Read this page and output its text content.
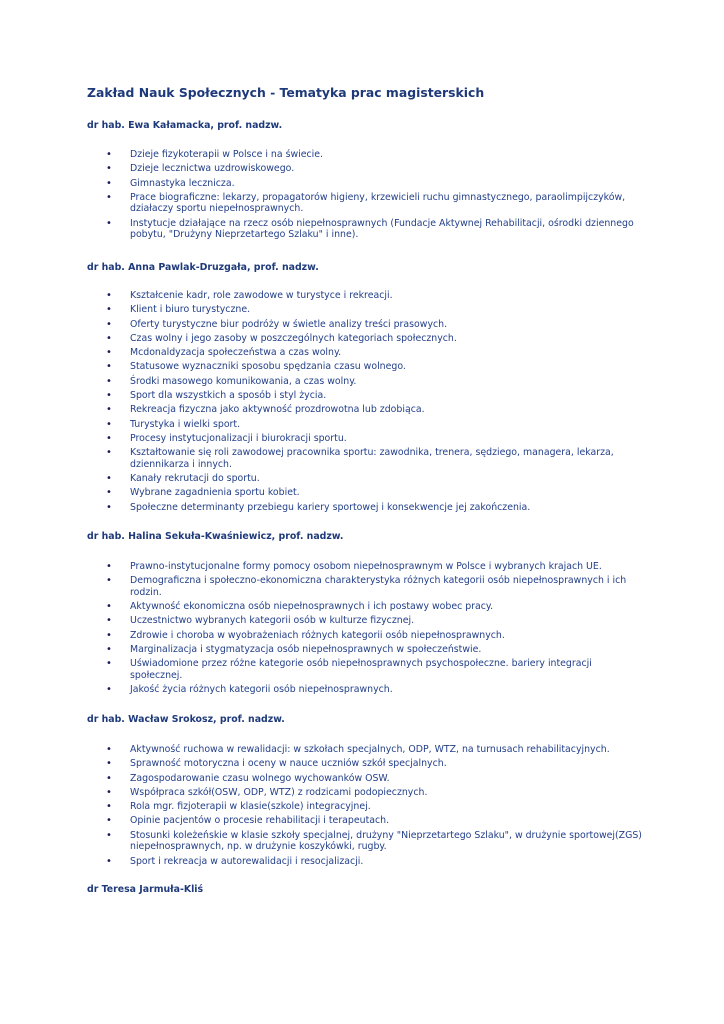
Zakład Nauk Społecznych - Tematyka prac magisterskich
dr hab. Ewa Kałamacka, prof. nadzw.
• Dzieje fizykoterapii w Polsce i na świecie.
• Dzieje lecznictwa uzdrowiskowego.
• Gimnastyka lecznicza.
• Prace biograficzne: lekarzy, propagatorów higieny, krzewicieli ruchu gimnastycznego, paraolimpijczyków, działaczy sportu niepełnosprawnych.
• Instytucje działające na rzecz osób niepełnosprawnych (Fundacje Aktywnej Rehabilitacji, ośrodki dziennego pobytu, "Drużyny Nieprzetartego Szlaku" i inne).
dr hab. Anna Pawlak-Druzgała, prof. nadzw.
• Kształcenie kadr, role zawodowe w turystyce i rekreacji.
• Klient i biuro turystyczne.
• Oferty turystyczne biur podróży w świetle analizy treści prasowych.
• Czas wolny i jego zasoby w poszczególnych kategoriach społecznych.
• Mcdonaldyzacja społeczeństwa a czas wolny.
• Statusowe wyznaczniki sposobu spędzania czasu wolnego.
• Środki masowego komunikowania, a czas wolny.
• Sport dla wszystkich a sposób i styl życia.
• Rekreacja fizyczna jako aktywność prozdrowotna lub zdobiąca.
• Turystyka i wielki sport.
• Procesy instytucjonalizacji i biurokracji sportu.
• Kształtowanie się roli zawodowej pracownika sportu: zawodnika, trenera, sędziego, managera, lekarza, dziennikarza i innych.
• Kanały rekrutacji do sportu.
• Wybrane zagadnienia sportu kobiet.
• Społeczne determinanty przebiegu kariery sportowej i konsekwencje jej zakończenia.
dr hab. Halina Sekuła-Kwaśniewicz, prof. nadzw.
• Prawno-instytucjonalne formy pomocy osobom niepełnosprawnym w Polsce i wybranych krajach UE.
• Demograficzna i społeczno-ekonomiczna charakterystyka różnych kategorii osób niepełnosprawnych i ich rodzin.
• Aktywność ekonomiczna osób niepełnosprawnych i ich postawy wobec pracy.
• Uczestnictwo wybranych kategorii osób w kulturze fizycznej.
• Zdrowie i choroba w wyobrażeniach różnych kategorii osób niepełnosprawnych.
• Marginalizacja i stygmatyzacja osób niepełnosprawnych w społeczeństwie.
• Uświadomione przez różne kategorie osób niepełnosprawnych psychospołeczne. bariery integracji społecznej.
• Jakość życia różnych kategorii osób niepełnosprawnych.
dr hab. Wacław Srokosz, prof. nadzw.
• Aktywność ruchowa w rewalidacji: w szkołach specjalnych, ODP, WTZ, na turnusach rehabilitacyjnych.
• Sprawność motoryczna i oceny w nauce uczniów szkół specjalnych.
• Zagospodarowanie czasu wolnego wychowanków OSW.
• Współpraca szkół(OSW, ODP, WTZ) z rodzicami podopiecznych.
• Rola mgr. fizjoterapii w klasie(szkole) integracyjnej.
• Opinie pacjentów o procesie rehabilitacji i terapeutach.
• Stosunki koleżeńskie w klasie szkoły specjalnej, drużyny "Nieprzetartego Szlaku", w drużynie sportowej(ZGS) niepełnosprawnych, np. w drużynie koszykówki, rugby.
• Sport i rekreacja w autorewalidacji i resocjalizacji.
dr Teresa Jarmuła-Kliś
